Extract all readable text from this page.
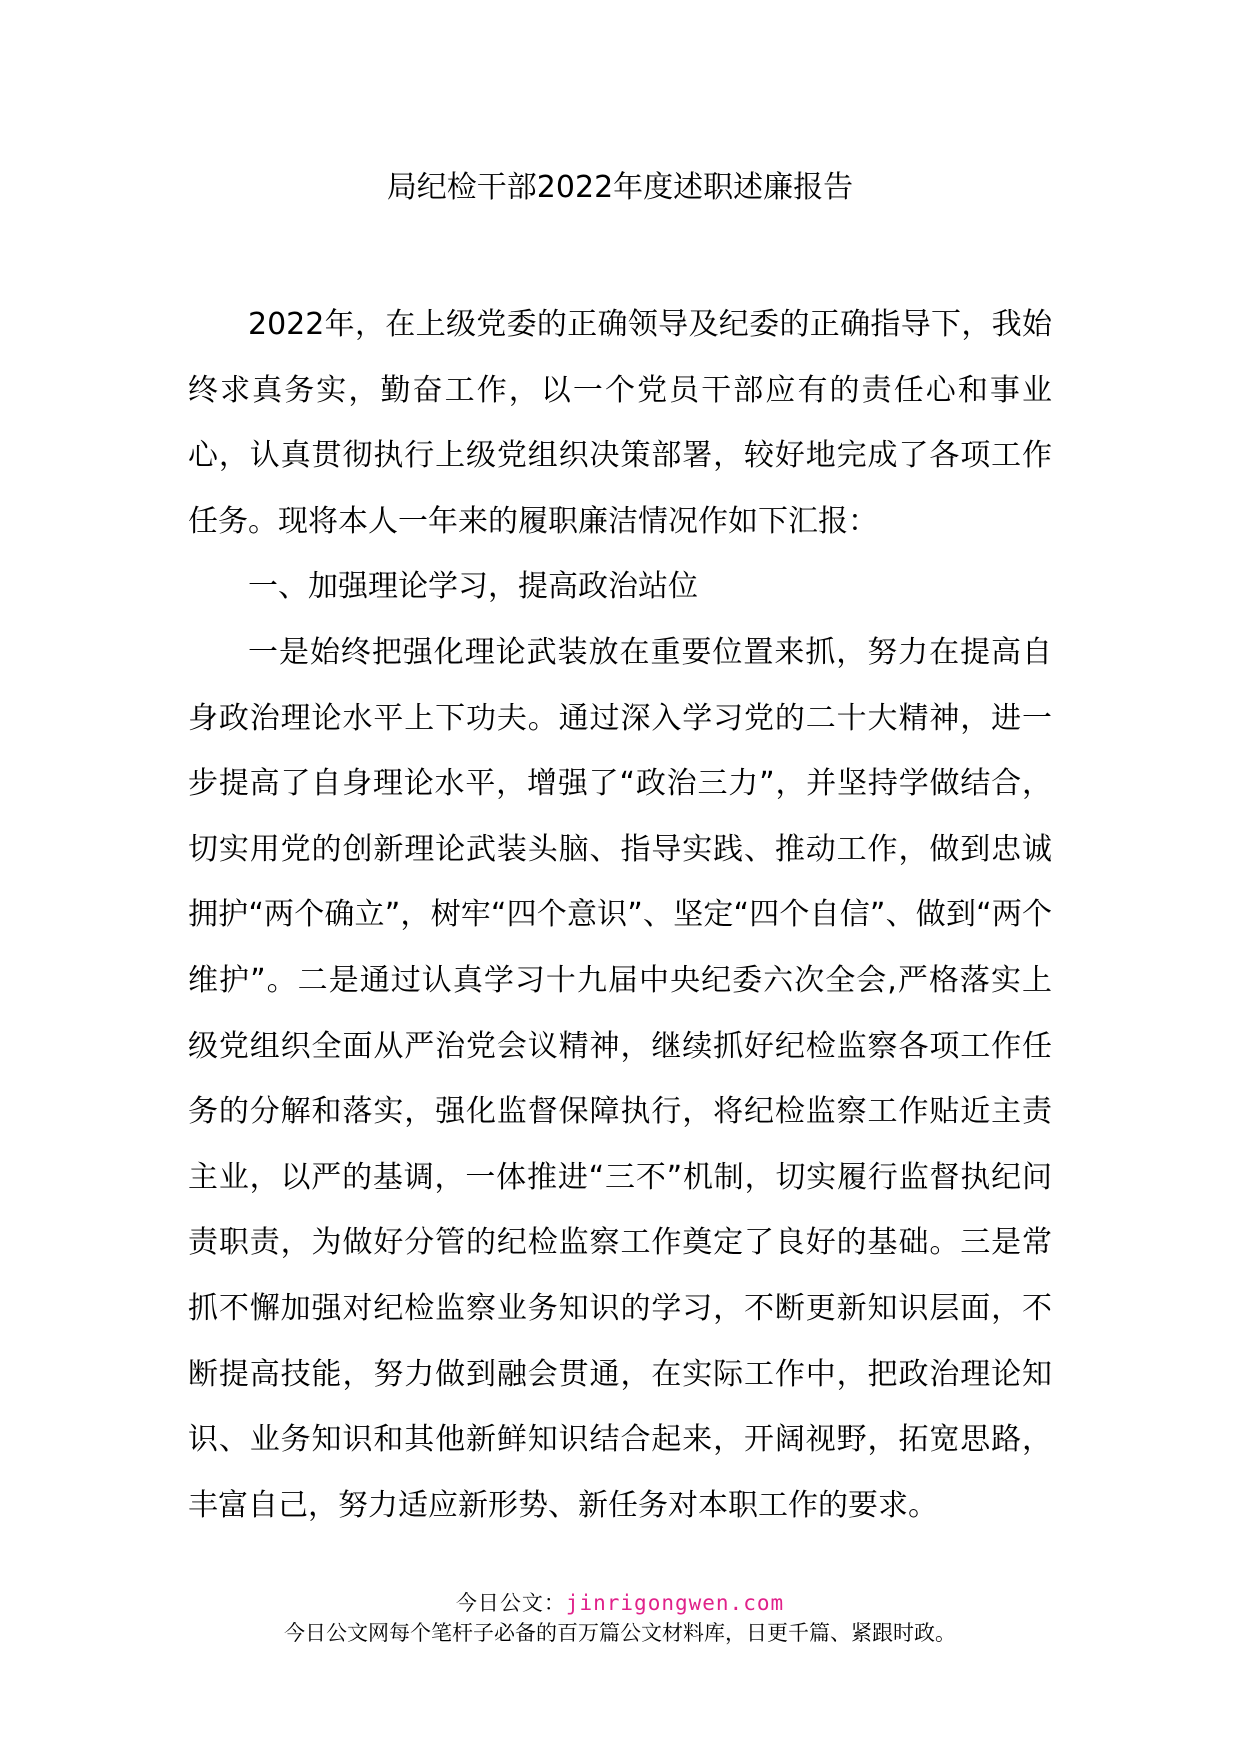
局纪检干部2022年度述职述廉报告

2022年，在上级党委的正确领导及纪委的正确指导下，我始终求真务实，勤奋工作，以一个党员干部应有的责任心和事业心，认真贯彻执行上级党组织决策部署，较好地完成了各项工作任务。现将本人一年来的履职廉洁情况作如下汇报：

一、加强理论学习，提高政治站位

一是始终把强化理论武装放在重要位置来抓，努力在提高自身政治理论水平上下功夫。通过深入学习党的二十大精神，进一步提高了自身理论水平，增强了“政治三力”，并坚持学做结合，切实用党的创新理论武装头脑、指导实践、推动工作，做到忠诚拥护“两个确立”，树牢“四个意识”、坚定“四个自信”、做到“两个维护”。二是通过认真学习十九届中央纪委六次全会,严格落实上级党组织全面从严治党会议精神，继续抓好纪检监察各项工作任务的分解和落实，强化监督保障执行，将纪检监察工作贴近主责主业，以严的基调，一体推进“三不”机制，切实履行监督执纪问责职责，为做好分管的纪检监察工作奠定了良好的基础。三是常抓不懈加强对纪检监察业务知识的学习，不断更新知识层面，不断提高技能，努力做到融会贯通，在实际工作中，把政治理论知识、业务知识和其他新鲜知识结合起来，开阔视野，拓宽思路，丰富自己，努力适应新形势、新任务对本职工作的要求。

今日公文：jinrigongwen.com
今日公文网每个笔杆子必备的百万篇公文材料库，日更千篇、紧跟时政。
